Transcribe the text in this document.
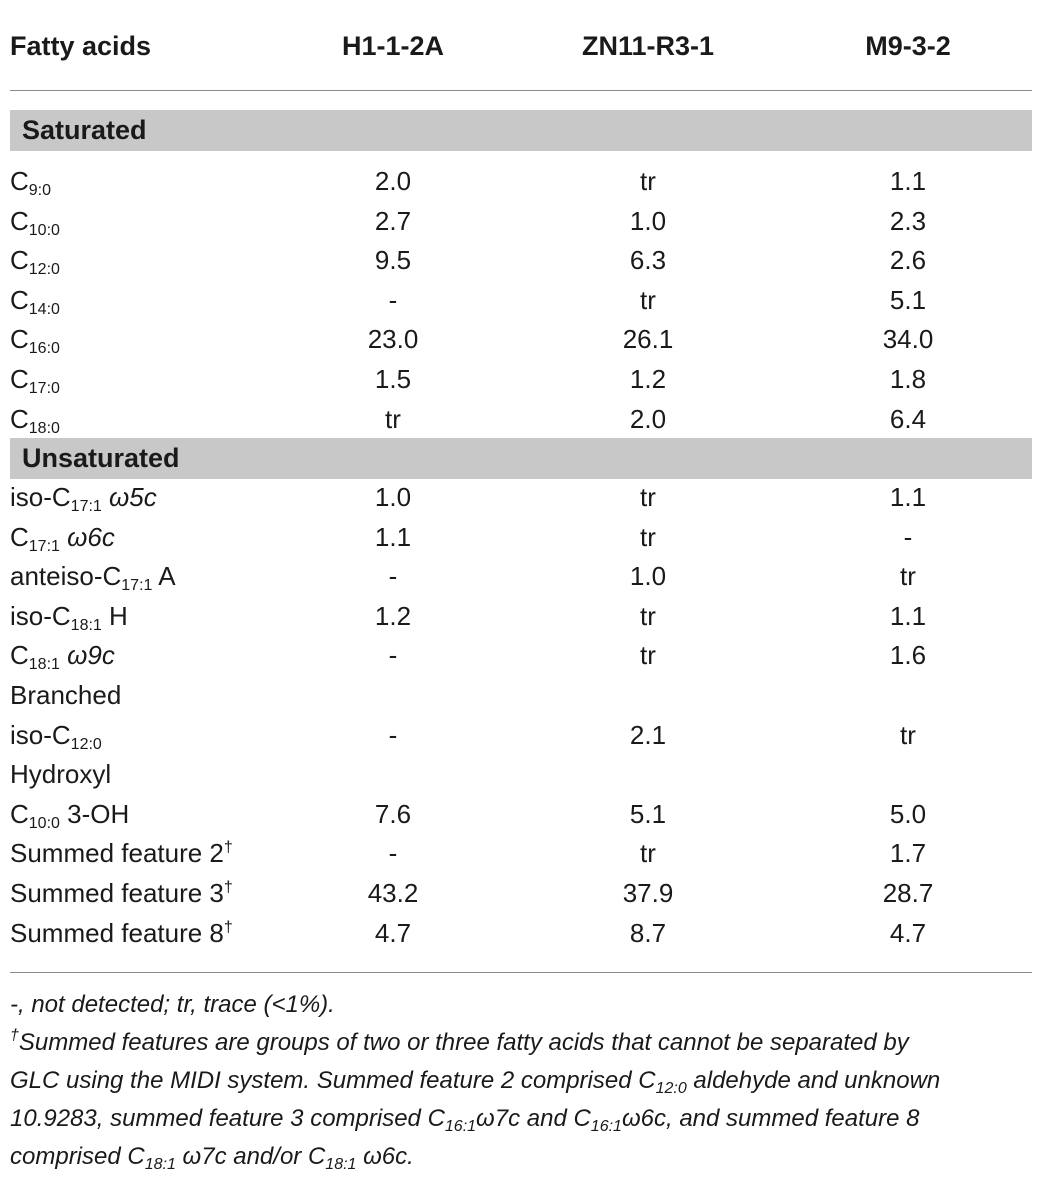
Fatty acids	H1-1-2A	ZN11-R3-1	M9-3-2
Saturated
Unsaturated
$C_{9:0}$	2.0	tr	1.1
$C_{10:0}$	2.7	1.0	2.3
$C_{12:0}$	9.5	6.3	2.6
$C_{14:0}$	-	tr	5.1
$C_{16:0}$	23.0	26.1	34.0
$C_{17:0}$	1.5	1.2	1.8
$C_{18:0}$	tr	2.0	6.4
iso-$C_{17:1}$ ω5c	1.0	tr	1.1
$C_{17:1}$ ω6c	1.1	tr	-
anteiso-$C_{17:1}$ A	-	1.0	tr
iso-$C_{18:1}$ H	1.2	tr	1.1
$C_{18:1}$ ω9c	-	tr	1.6
Branched
iso-$C_{12:0}$	-	2.1	tr
Hydroxyl
$C_{10:0}$ 3-OH	7.6	5.1	5.0
Summed feature 2†	-	tr	1.7
Summed feature 3†	43.2	37.9	28.7
Summed feature 8†	4.7	8.7	4.7
-, not detected; tr, trace (<1%).
†Summed features are groups of two or three fatty acids that cannot be separated by
GLC using the MIDI system. Summed feature 2 comprised $C_{12:0}$ aldehyde and unknown
10.9283, summed feature 3 comprised $C_{16:1}\omega 7c$ and $C_{16:1}\omega 6c$, and summed feature 8
comprised $C_{18:1}$ ω7c and/or $C_{18:1}$ ω6c.
